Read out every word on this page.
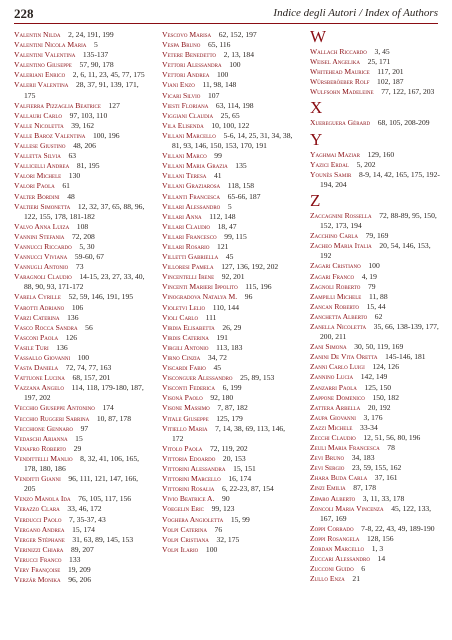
228	Indice degli Autori / Index of Authors

Valentin Nilda  2, 24, 191, 199

Valentini Nicola Maria  5

Valentini Valentina  135-137

Valentino Giuseppe  57, 90, 178

Valeriani Enrico  2, 6, 11, 23, 45, 77, 175

Valerii Valentina  28, 37, 91, 139, 171, 175

Valfierra Pizzaglia Beatrice  127

Vallauri Carlo  97, 103, 110

Valle Nicoletta  39, 162

Valle Baroz Valentina  100, 196

Vallese Giustino  48, 206

Valletta Silvia  63

Vallicelli Andrea  81, 195

Valori Michele  130

Valori Paola  61

Valter Bordini  48

Valtieri Simonetta  12, 32, 37, 65, 88, 96, 122, 155, 178, 181-182

Valvo Anna Luiza  108

Vannini Stefania  72, 208

Vannucci Riccardo  5, 30

Vannucci Viviana  59-60, 67

Vannugli Antonio  73

Varagnoli Claudio  14-15, 23, 27, 33, 40, 88, 90, 93, 171-172

Varela Cyrille  52, 59, 146, 191, 195

Varotti Adriano  106

Varzi Caterina  136

Vasco Rocca Sandra  56

Vasconi Paola  126

Vasile Turi  136

Vassallo Giovanni  100

Vasta Daniela  72, 74, 77, 163

Vattuone Lucina  68, 157, 201

Vazzana Angelo  114, 118, 179-180, 187, 197, 202

Vecchio Giuseppe Antonino  174

Vecchio Ruggeri Sabrina  10, 87, 178

Vecchione Gennaro  97

Vedaschi Arianna  15

Venafro Roberto  29

Vendittelli Manlio  8, 32, 41, 106, 165, 178, 180, 186

Venditti Gianni  96, 111, 121, 147, 166, 205

Venzo Manola Ida  76, 105, 117, 156

Verazzo Clara  33, 46, 172

Verducci Paolo  7, 35-37, 43

Vergano Andrea  15, 174

Verger Stéphane  31, 63, 89, 145, 153

Verinizzi Chiara  89, 207

Verucci Franco  133

Very Françoise  19, 209

Verzár Monika  96, 206

Vescovo Marisa  62, 152, 197

Vespa Bruno  65, 116

Vetere Benedetto  2, 13, 184

Vettori Alessandra  100

Vettori Andrea  100

Viani Enzo  11, 98, 148

Vicari Silvio  107

Viesti Floriana  63, 114, 198

Viggiani Claudia  25, 65

Vila Elisenda  10, 100, 122

Villani Marcello  5-6, 14, 25, 31, 34, 38, 81, 93, 146, 150, 153, 170, 191

Villani Marco  99

Villani Maria Grazia  135

Villani Teresa  41

Villani Graziarosa  118, 158

Villanti Francesca  65-66, 187

Villari Alessandro  5

Villari Anna  112, 148

Villari Claudio  18, 47

Villari Francesco  99, 115

Villari Rosario  121

Villetti Gabriella  45

Villoresi Pamela  127, 136, 192, 202

Vincentelli Irene  92, 201

Vincenti Marieri Ippolito  115, 196

Vinogradova Natalya M.  96

Violetvi Lelio  110, 144

Violi Carlo  111

Virdia Elisabetta  26, 29

Virdis Caterina  191

Virgili Antonio  113, 183

Virno Cinzia  34, 72

Viscardi Fabio  45

Visconguer Alessandro  25, 89, 153

Visconti Federica  6, 199

Visonà Paolo  92, 180

Visone Massimo  7, 87, 182

Vitale Giuseppe  125, 179

Vitiello Maria  7, 14, 38, 69, 113, 146, 172

Vitolo Paola  72, 119, 202

Vittoria Edoardo  20, 153

Vittorini Alessandra  15, 151

Vittorini Marcello  16, 174

Vittorini Rosalia  6, 22-23, 87, 154

Vivio Beatrice A.  90

Voegelin Eric  99, 123

Voghera Angioletta  15, 99

Volpi Caterina  76

Volpi Cristiana  32, 175

Volpi Ilario  100

W

Wallach Riccardo  3, 45

Weisel Angelika  25, 171

Whitehead Maurice  117, 201

Würsberöeber Rolf  102, 187

Wulfsohn Madeleine  77, 122, 167, 203

X

Xuereguera Gérard  68, 105, 208-209

Y

Yaghmai Maziar  129, 160

Yazici Erdal  5, 202

Younès Samir  8-9, 14, 42, 165, 175, 192-194, 204

Z

Zaccagnini Rossella  72, 88-89, 95, 150, 152, 173, 194

Zacchino Carla  79, 169

Zacheo Maria Italia  20, 54, 146, 153, 192

Zagari Cristiano  100

Zagari Franco  4, 19

Zagnoli Roberto  79

Zampilli Michele  11, 88

Zancan Roberto  15, 44

Zanchetta Alberto  62

Zanella Nicoletta  35, 66, 138-139, 177, 200, 211

Zani Simona  30, 50, 119, 169

Zanini De Vita Oretta  145-146, 181

Zanni Carlo Luigi  124, 126

Zannino Lucia  142, 149

Zanzarri Paola  125, 150

Zappone Domenico  150, 182

Zattera Arbella  20, 192

Zaupa Giovanni  3, 176

Zazzi Michele  33-34

Zecchi Claudio  12, 51, 56, 80, 196

Zeuli Maria Francesca  78

Zevi Bruno  34, 183

Zevi Sergio  23, 59, 155, 162

Zhara Buda Carla  37, 161

Zinzi Emilia  87, 178

Ziparo Alberto  3, 11, 33, 178

Zoncoli Maria Vincenza  45, 122, 133, 167, 169

Zoppi Corrado  7-8, 22, 43, 49, 189-190

Zoppi Rosangela  128, 156

Zordan Marcello  1, 3

Zuccari Alessandro  14

Zucconi Guido  6

Zullo Enza  21
